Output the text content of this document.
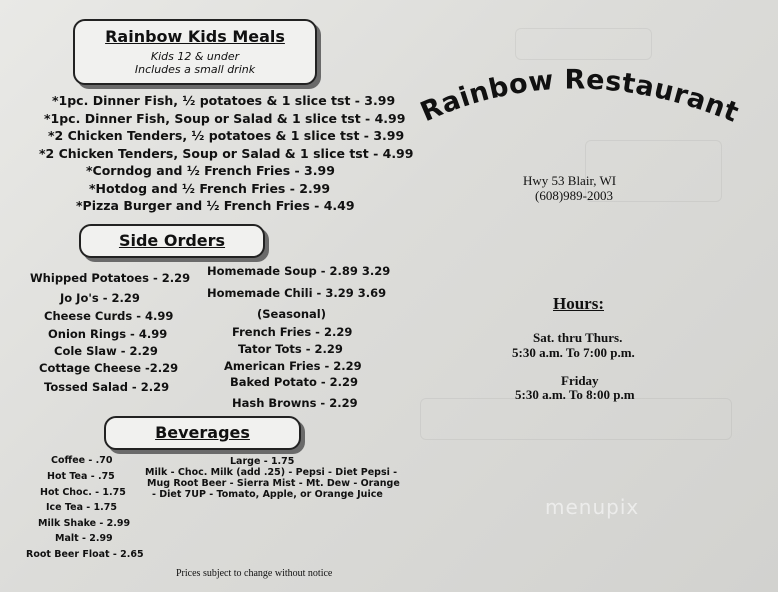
Rainbow Kids Meals
Kids 12 & under
Includes a small drink
*1pc. Dinner Fish, ½ potatoes & 1 slice tst - 3.99
*1pc. Dinner Fish, Soup or Salad & 1 slice tst - 4.99
*2 Chicken Tenders, ½ potatoes & 1 slice tst - 3.99
*2 Chicken Tenders, Soup or Salad & 1 slice tst - 4.99
*Corndog and ½ French Fries - 3.99
*Hotdog and ½ French Fries - 2.99
*Pizza Burger and ½ French Fries - 4.49
Side Orders
Whipped Potatoes - 2.29
Jo Jo's - 2.29
Cheese Curds - 4.99
Onion Rings - 4.99
Cole Slaw - 2.29
Cottage Cheese -2.29
Tossed Salad - 2.29
Homemade Soup - 2.89 3.29
Homemade Chili - 3.29 3.69
(Seasonal)
French Fries - 2.29
Tator Tots - 2.29
American Fries - 2.29
Baked Potato - 2.29
Hash Browns - 2.29
Beverages
Coffee - .70
Hot Tea - .75
Hot Choc. - 1.75
Ice Tea - 1.75
Milk Shake - 2.99
Malt - 2.99
Root Beer Float - 2.65
Large - 1.75
Milk - Choc. Milk (add .25) - Pepsi - Diet Pepsi -
Mug Root Beer - Sierra Mist - Mt. Dew - Orange
- Diet 7UP - Tomato, Apple, or Orange Juice
Prices subject to change without notice
Rainbow Restaurant
Hwy 53 Blair, WI
(608)989-2003
Hours:
Sat. thru Thurs.
5:30 a.m. To 7:00 p.m.
Friday
5:30 a.m. To 8:00 p.m
menupix
